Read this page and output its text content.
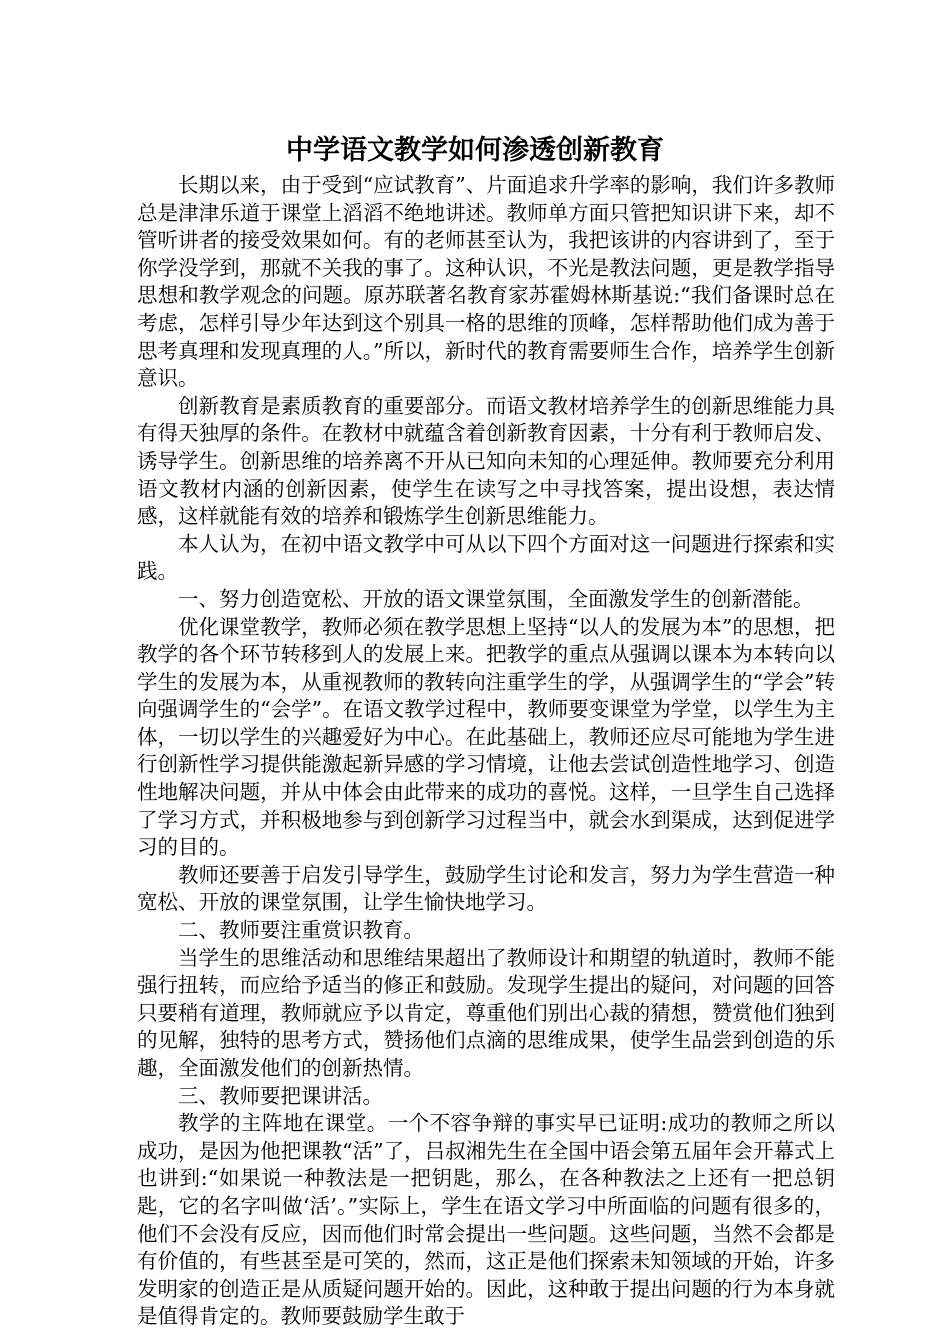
中学语文教学如何渗透创新教育

长期以来，由于受到“应试教育”、片面追求升学率的影响，我们许多教师总是津津乐道于课堂上滔滔不绝地讲述。教师单方面只管把知识讲下来，却不管听讲者的接受效果如何。有的老师甚至认为，我把该讲的内容讲到了，至于你学没学到，那就不关我的事了。这种认识，不光是教法问题，更是教学指导思想和教学观念的问题。原苏联著名教育家苏霍姆林斯基说:“我们备课时总在考虑，怎样引导少年达到这个别具一格的思维的顶峰，怎样帮助他们成为善于思考真理和发现真理的人。”所以，新时代的教育需要师生合作，培养学生创新意识。

创新教育是素质教育的重要部分。而语文教材培养学生的创新思维能力具有得天独厚的条件。在教材中就蕴含着创新教育因素，十分有利于教师启发、诱导学生。创新思维的培养离不开从已知向未知的心理延伸。教师要充分利用语文教材内涵的创新因素，使学生在读写之中寻找答案，提出设想，表达情感，这样就能有效的培养和锻炼学生创新思维能力。

本人认为，在初中语文教学中可从以下四个方面对这一问题进行探索和实践。

一、努力创造宽松、开放的语文课堂氛围，全面激发学生的创新潜能。

优化课堂教学，教师必须在教学思想上坚持“以人的发展为本”的思想，把教学的各个环节转移到人的发展上来。把教学的重点从强调以课本为本转向以学生的发展为本，从重视教师的教转向注重学生的学，从强调学生的“学会”转向强调学生的“会学”。在语文教学过程中，教师要变课堂为学堂，以学生为主体，一切以学生的兴趣爱好为中心。在此基础上，教师还应尽可能地为学生进行创新性学习提供能激起新异感的学习情境，让他去尝试创造性地学习、创造性地解决问题，并从中体会由此带来的成功的喜悦。这样，一旦学生自己选择了学习方式，并积极地参与到创新学习过程当中，就会水到渠成，达到促进学习的目的。

教师还要善于启发引导学生，鼓励学生讨论和发言，努力为学生营造一种宽松、开放的课堂氛围，让学生愉快地学习。

二、教师要注重赏识教育。

当学生的思维活动和思维结果超出了教师设计和期望的轨道时，教师不能强行扭转，而应给予适当的修正和鼓励。发现学生提出的疑问，对问题的回答只要稍有道理，教师就应予以肯定，尊重他们别出心裁的猜想，赞赏他们独到的见解，独特的思考方式，赞扬他们点滴的思维成果，使学生品尝到创造的乐趣，全面激发他们的创新热情。

三、教师要把课讲活。

教学的主阵地在课堂。一个不容争辩的事实早已证明:成功的教师之所以成功，是因为他把课教“活”了，吕叔湘先生在全国中语会第五届年会开幕式上也讲到:“如果说一种教法是一把钥匙，那么，在各种教法之上还有一把总钥匙，它的名字叫做‘活’。”实际上，学生在语文学习中所面临的问题有很多的，他们不会没有反应，因而他们时常会提出一些问题。这些问题，当然不会都是有价值的，有些甚至是可笑的，然而，这正是他们探索未知领域的开始，许多发明家的创造正是从质疑问题开始的。因此，这种敢于提出问题的行为本身就是值得肯定的。教师要鼓励学生敢于
